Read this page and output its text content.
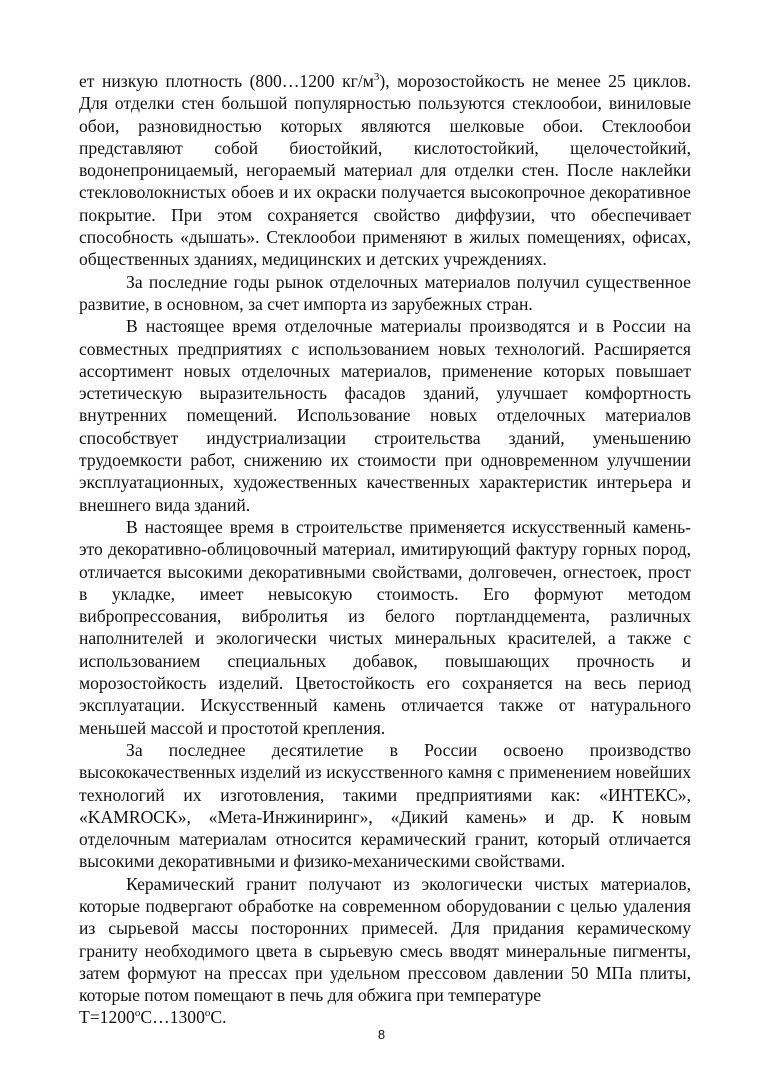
ет низкую плотность (800…1200 $кг/м^3$), морозостойкость не менее 25 циклов. Для отделки стен большой популярностью пользуются стеклообои, виниловые обои, разновидностью которых являются шелковые обои. Стеклообои представляют собой биостойкий, кислотостойкий, щелочестойкий, водонепроницаемый, негораемый материал для отделки стен. После наклейки стекловолокнистых обоев и их окраски получается высокопрочное декоративное покрытие. При этом сохраняется свойство диффузии, что обеспечивает способность «дышать». Стеклообои применяют в жилых помещениях, офисах, общественных зданиях, медицинских и детских учреждениях.

За последние годы рынок отделочных материалов получил существенное развитие, в основном, за счет импорта из зарубежных стран.

В настоящее время отделочные материалы производятся и в России на совместных предприятиях с использованием новых технологий. Расширяется ассортимент новых отделочных материалов, применение которых повышает эстетическую выразительность фасадов зданий, улучшает комфортность внутренних помещений. Использование новых отделочных материалов способствует индустриализации строительства зданий, уменьшению трудоемкости работ, снижению их стоимости при одновременном улучшении эксплуатационных, художественных качественных характеристик интерьера и внешнего вида зданий.

В настоящее время в строительстве применяется искусственный камень- это декоративно-облицовочный материал, имитирующий фактуру горных пород, отличается высокими декоративными свойствами, долговечен, огнестоек, прост в укладке, имеет невысокую стоимость. Его формуют методом вибропрессования, вибролитья из белого портландцемента, различных наполнителей и экологически чистых минеральных красителей, а также с использованием специальных добавок, повышающих прочность и морозостойкость изделий. Цветостойкость его сохраняется на весь период эксплуатации. Искусственный камень отличается также от натурального меньшей массой и простотой крепления.

За последнее десятилетие в России освоено производство высококачественных изделий из искусственного камня с применением новейших технологий их изготовления, такими предприятиями как: «ИНТЕКС», «KAMROCK», «Мета-Инжиниринг», «Дикий камень» и др. К новым отделочным материалам относится керамический гранит, который отличается высокими декоративными и физико-механическими свойствами.

Керамический гранит получают из экологически чистых материалов, которые подвергают обработке на современном оборудовании с целью удаления из сырьевой массы посторонних примесей. Для придания керамическому граниту необходимого цвета в сырьевую смесь вводят минеральные пигменты, затем формуют на прессах при удельном прессовом давлении 50 МПа плиты, которые потом помещают в печь для обжига при температуре
$Т=1200^oС\dots 1300^oС$.

8
